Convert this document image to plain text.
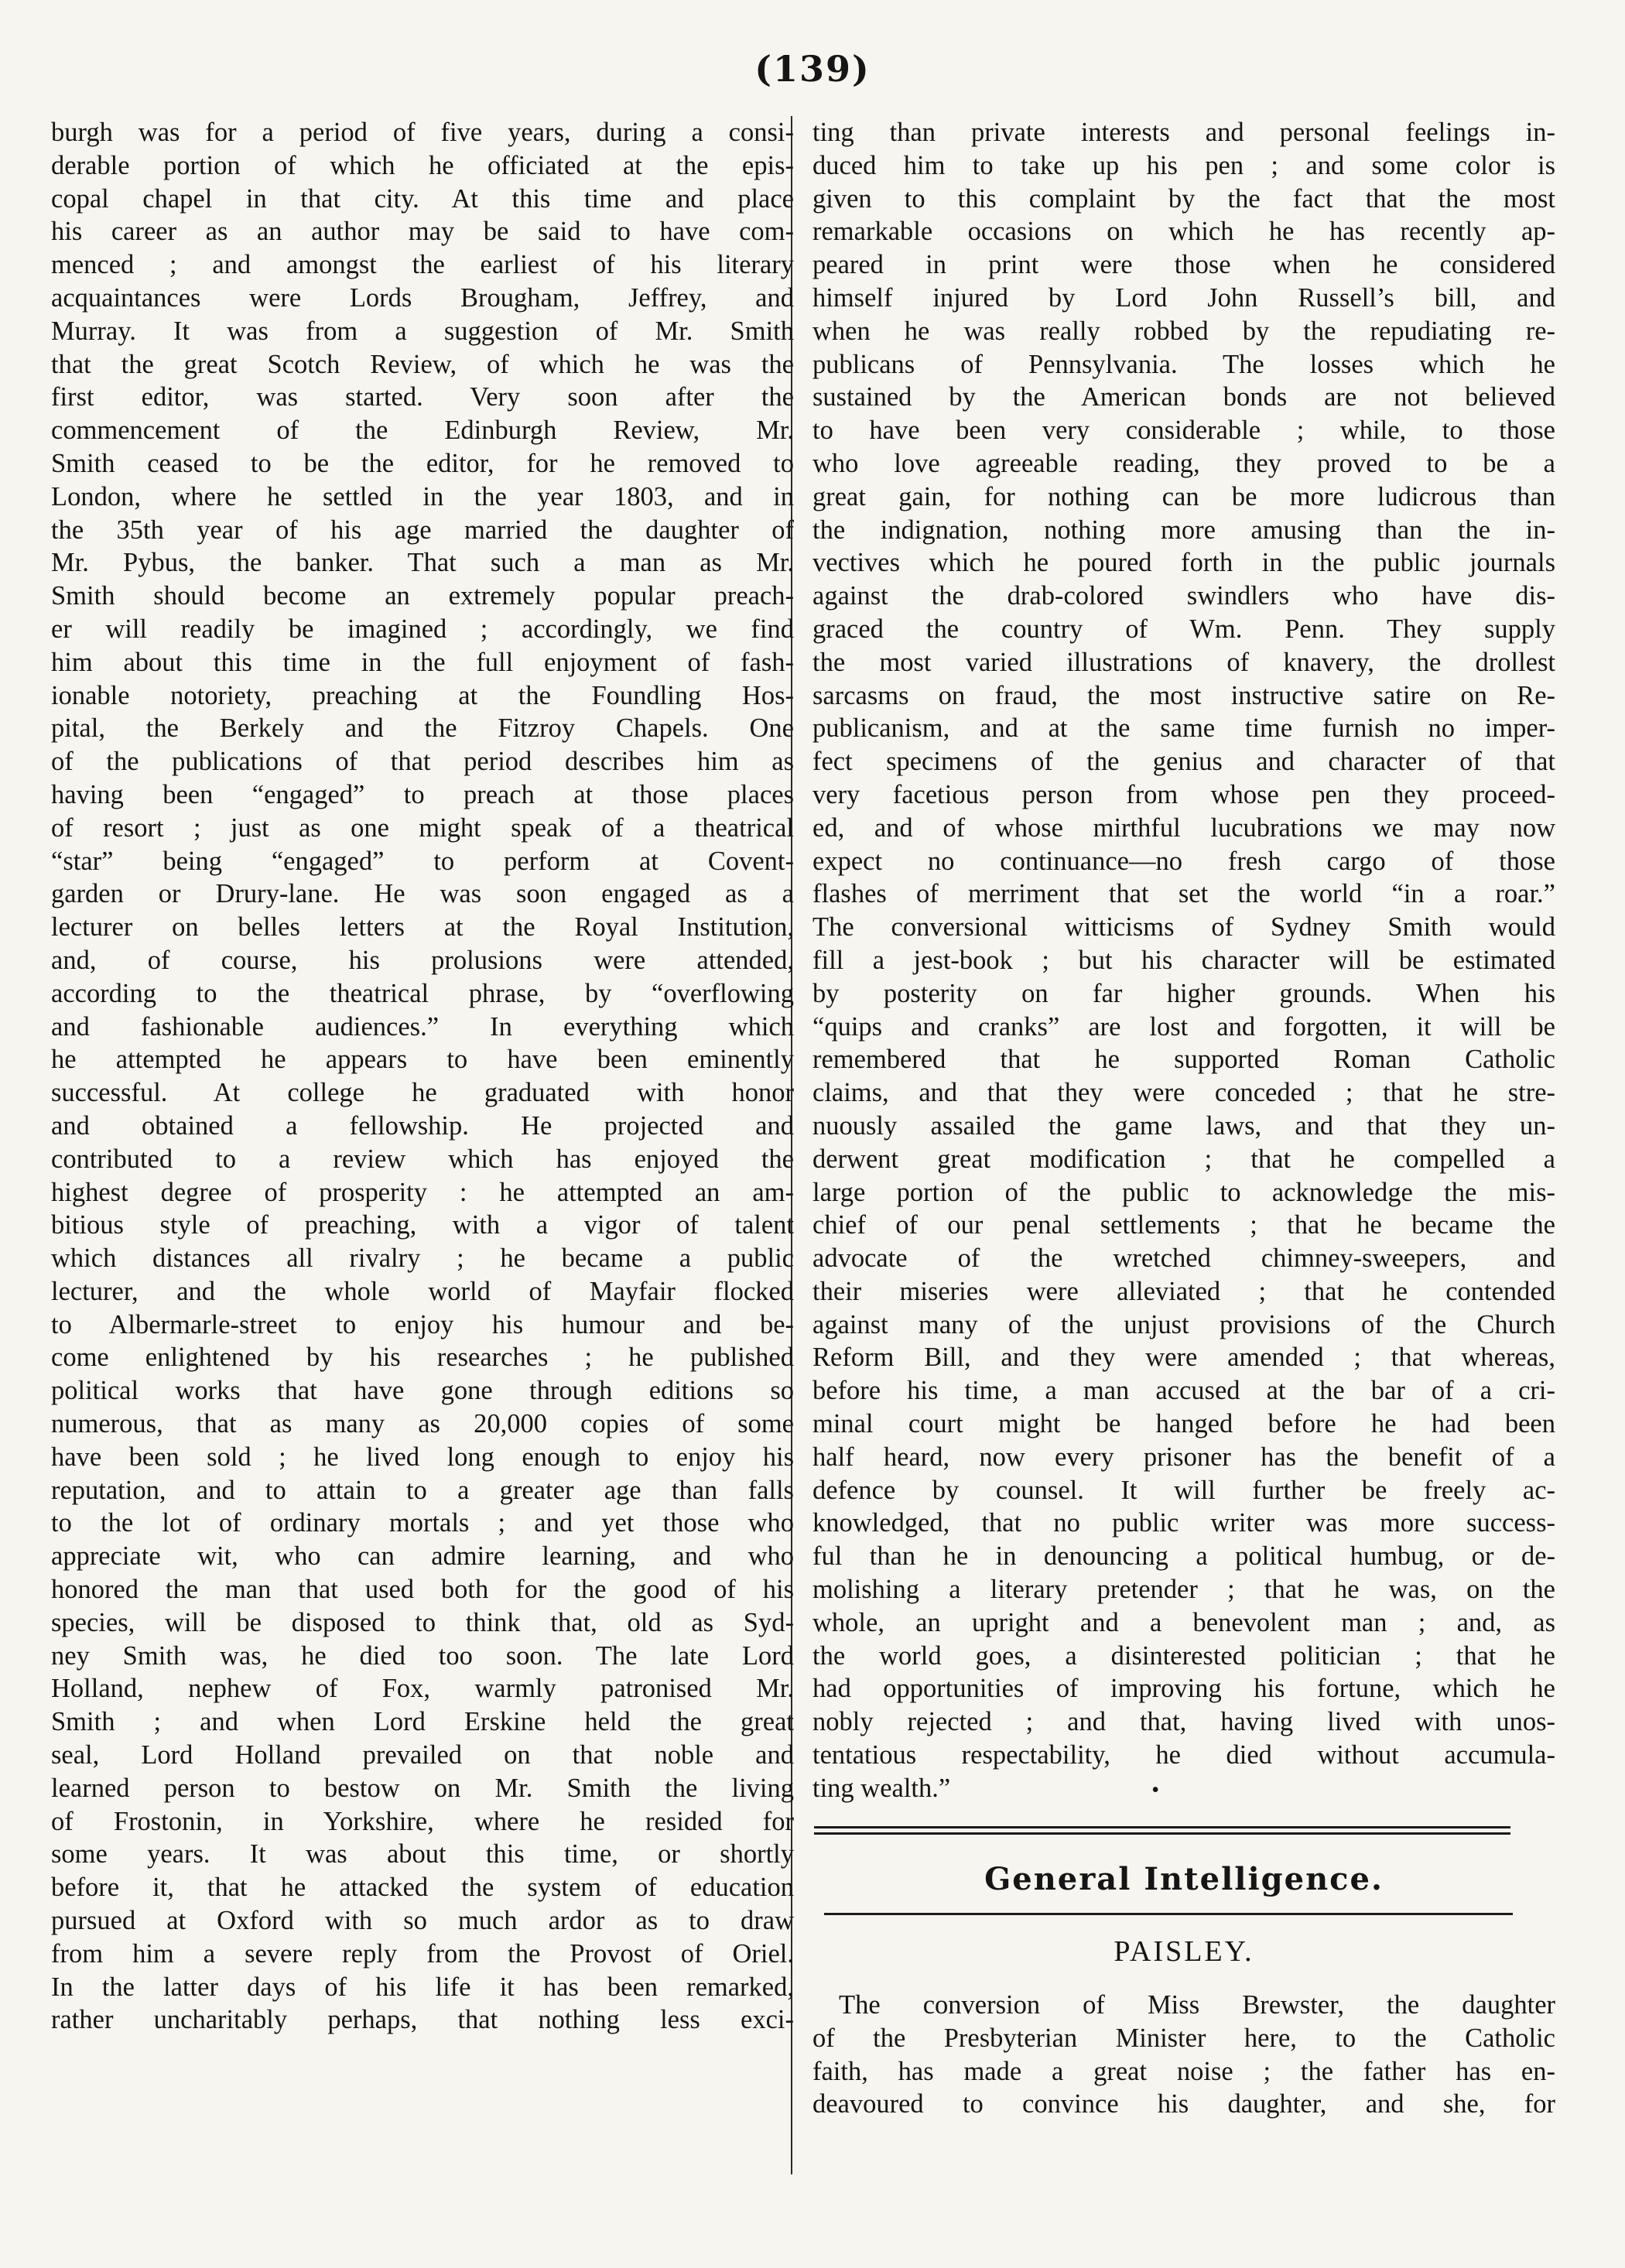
(139)
burgh was for a period of five years, during a consi-
derable portion of which he officiated at the epis-
copal chapel in that city. At this time and place
his career as an author may be said to have com-
menced ; and amongst the earliest of his literary
acquaintances were Lords Brougham, Jeffrey, and
Murray. It was from a suggestion of Mr. Smith
that the great Scotch Review, of which he was the
first editor, was started. Very soon after the
commencement of the Edinburgh Review, Mr.
Smith ceased to be the editor, for he removed to
London, where he settled in the year 1803, and in
the 35th year of his age married the daughter of
Mr. Pybus, the banker. That such a man as Mr.
Smith should become an extremely popular preach-
er will readily be imagined ; accordingly, we find
him about this time in the full enjoyment of fash-
ionable notoriety, preaching at the Foundling Hos-
pital, the Berkely and the Fitzroy Chapels. One
of the publications of that period describes him as
having been “engaged” to preach at those places
of resort ; just as one might speak of a theatrical
“star” being “engaged” to perform at Covent-
garden or Drury-lane. He was soon engaged as a
lecturer on belles letters at the Royal Institution,
and, of course, his prolusions were attended,
according to the theatrical phrase, by “overflowing
and fashionable audiences.” In everything which
he attempted he appears to have been eminently
successful. At college he graduated with honor
and obtained a fellowship. He projected and
contributed to a review which has enjoyed the
highest degree of prosperity : he attempted an am-
bitious style of preaching, with a vigor of talent
which distances all rivalry ; he became a public
lecturer, and the whole world of Mayfair flocked
to Albermarle-street to enjoy his humour and be-
come enlightened by his researches ; he published
political works that have gone through editions so
numerous, that as many as 20,000 copies of some
have been sold ; he lived long enough to enjoy his
reputation, and to attain to a greater age than falls
to the lot of ordinary mortals ; and yet those who
appreciate wit, who can admire learning, and who
honored the man that used both for the good of his
species, will be disposed to think that, old as Syd-
ney Smith was, he died too soon. The late Lord
Holland, nephew of Fox, warmly patronised Mr.
Smith ; and when Lord Erskine held the great
seal, Lord Holland prevailed on that noble and
learned person to bestow on Mr. Smith the living
of Frostonin, in Yorkshire, where he resided for
some years. It was about this time, or shortly
before it, that he attacked the system of education
pursued at Oxford with so much ardor as to draw
from him a severe reply from the Provost of Oriel.
In the latter days of his life it has been remarked,
rather uncharitably perhaps, that nothing less exci-
ting than private interests and personal feelings in-
duced him to take up his pen ; and some color is
given to this complaint by the fact that the most
remarkable occasions on which he has recently ap-
peared in print were those when he considered
himself injured by Lord John Russell’s bill, and
when he was really robbed by the repudiating re-
publicans of Pennsylvania. The losses which he
sustained by the American bonds are not believed
to have been very considerable ; while, to those
who love agreeable reading, they proved to be a
great gain, for nothing can be more ludicrous than
the indignation, nothing more amusing than the in-
vectives which he poured forth in the public journals
against the drab-colored swindlers who have dis-
graced the country of Wm. Penn. They supply
the most varied illustrations of knavery, the drollest
sarcasms on fraud, the most instructive satire on Re-
publicanism, and at the same time furnish no imper-
fect specimens of the genius and character of that
very facetious person from whose pen they proceed-
ed, and of whose mirthful lucubrations we may now
expect no continuance—no fresh cargo of those
flashes of merriment that set the world “in a roar.”
The conversional witticisms of Sydney Smith would
fill a jest-book ; but his character will be estimated
by posterity on far higher grounds. When his
“quips and cranks” are lost and forgotten, it will be
remembered that he supported Roman Catholic
claims, and that they were conceded ; that he stre-
nuously assailed the game laws, and that they un-
derwent great modification ; that he compelled a
large portion of the public to acknowledge the mis-
chief of our penal settlements ; that he became the
advocate of the wretched chimney-sweepers, and
their miseries were alleviated ; that he contended
against many of the unjust provisions of the Church
Reform Bill, and they were amended ; that whereas,
before his time, a man accused at the bar of a cri-
minal court might be hanged before he had been
half heard, now every prisoner has the benefit of a
defence by counsel. It will further be freely ac-
knowledged, that no public writer was more success-
ful than he in denouncing a political humbug, or de-
molishing a literary pretender ; that he was, on the
whole, an upright and a benevolent man ; and, as
the world goes, a disinterested politician ; that he
had opportunities of improving his fortune, which he
nobly rejected ; and that, having lived with unos-
tentatious respectability, he died without accumula-
ting wealth.”	•
General Intelligence.
PAISLEY.
The conversion of Miss Brewster, the daughter
of the Presbyterian Minister here, to the Catholic
faith, has made a great noise ; the father has en-
deavoured to convince his daughter, and she, for
